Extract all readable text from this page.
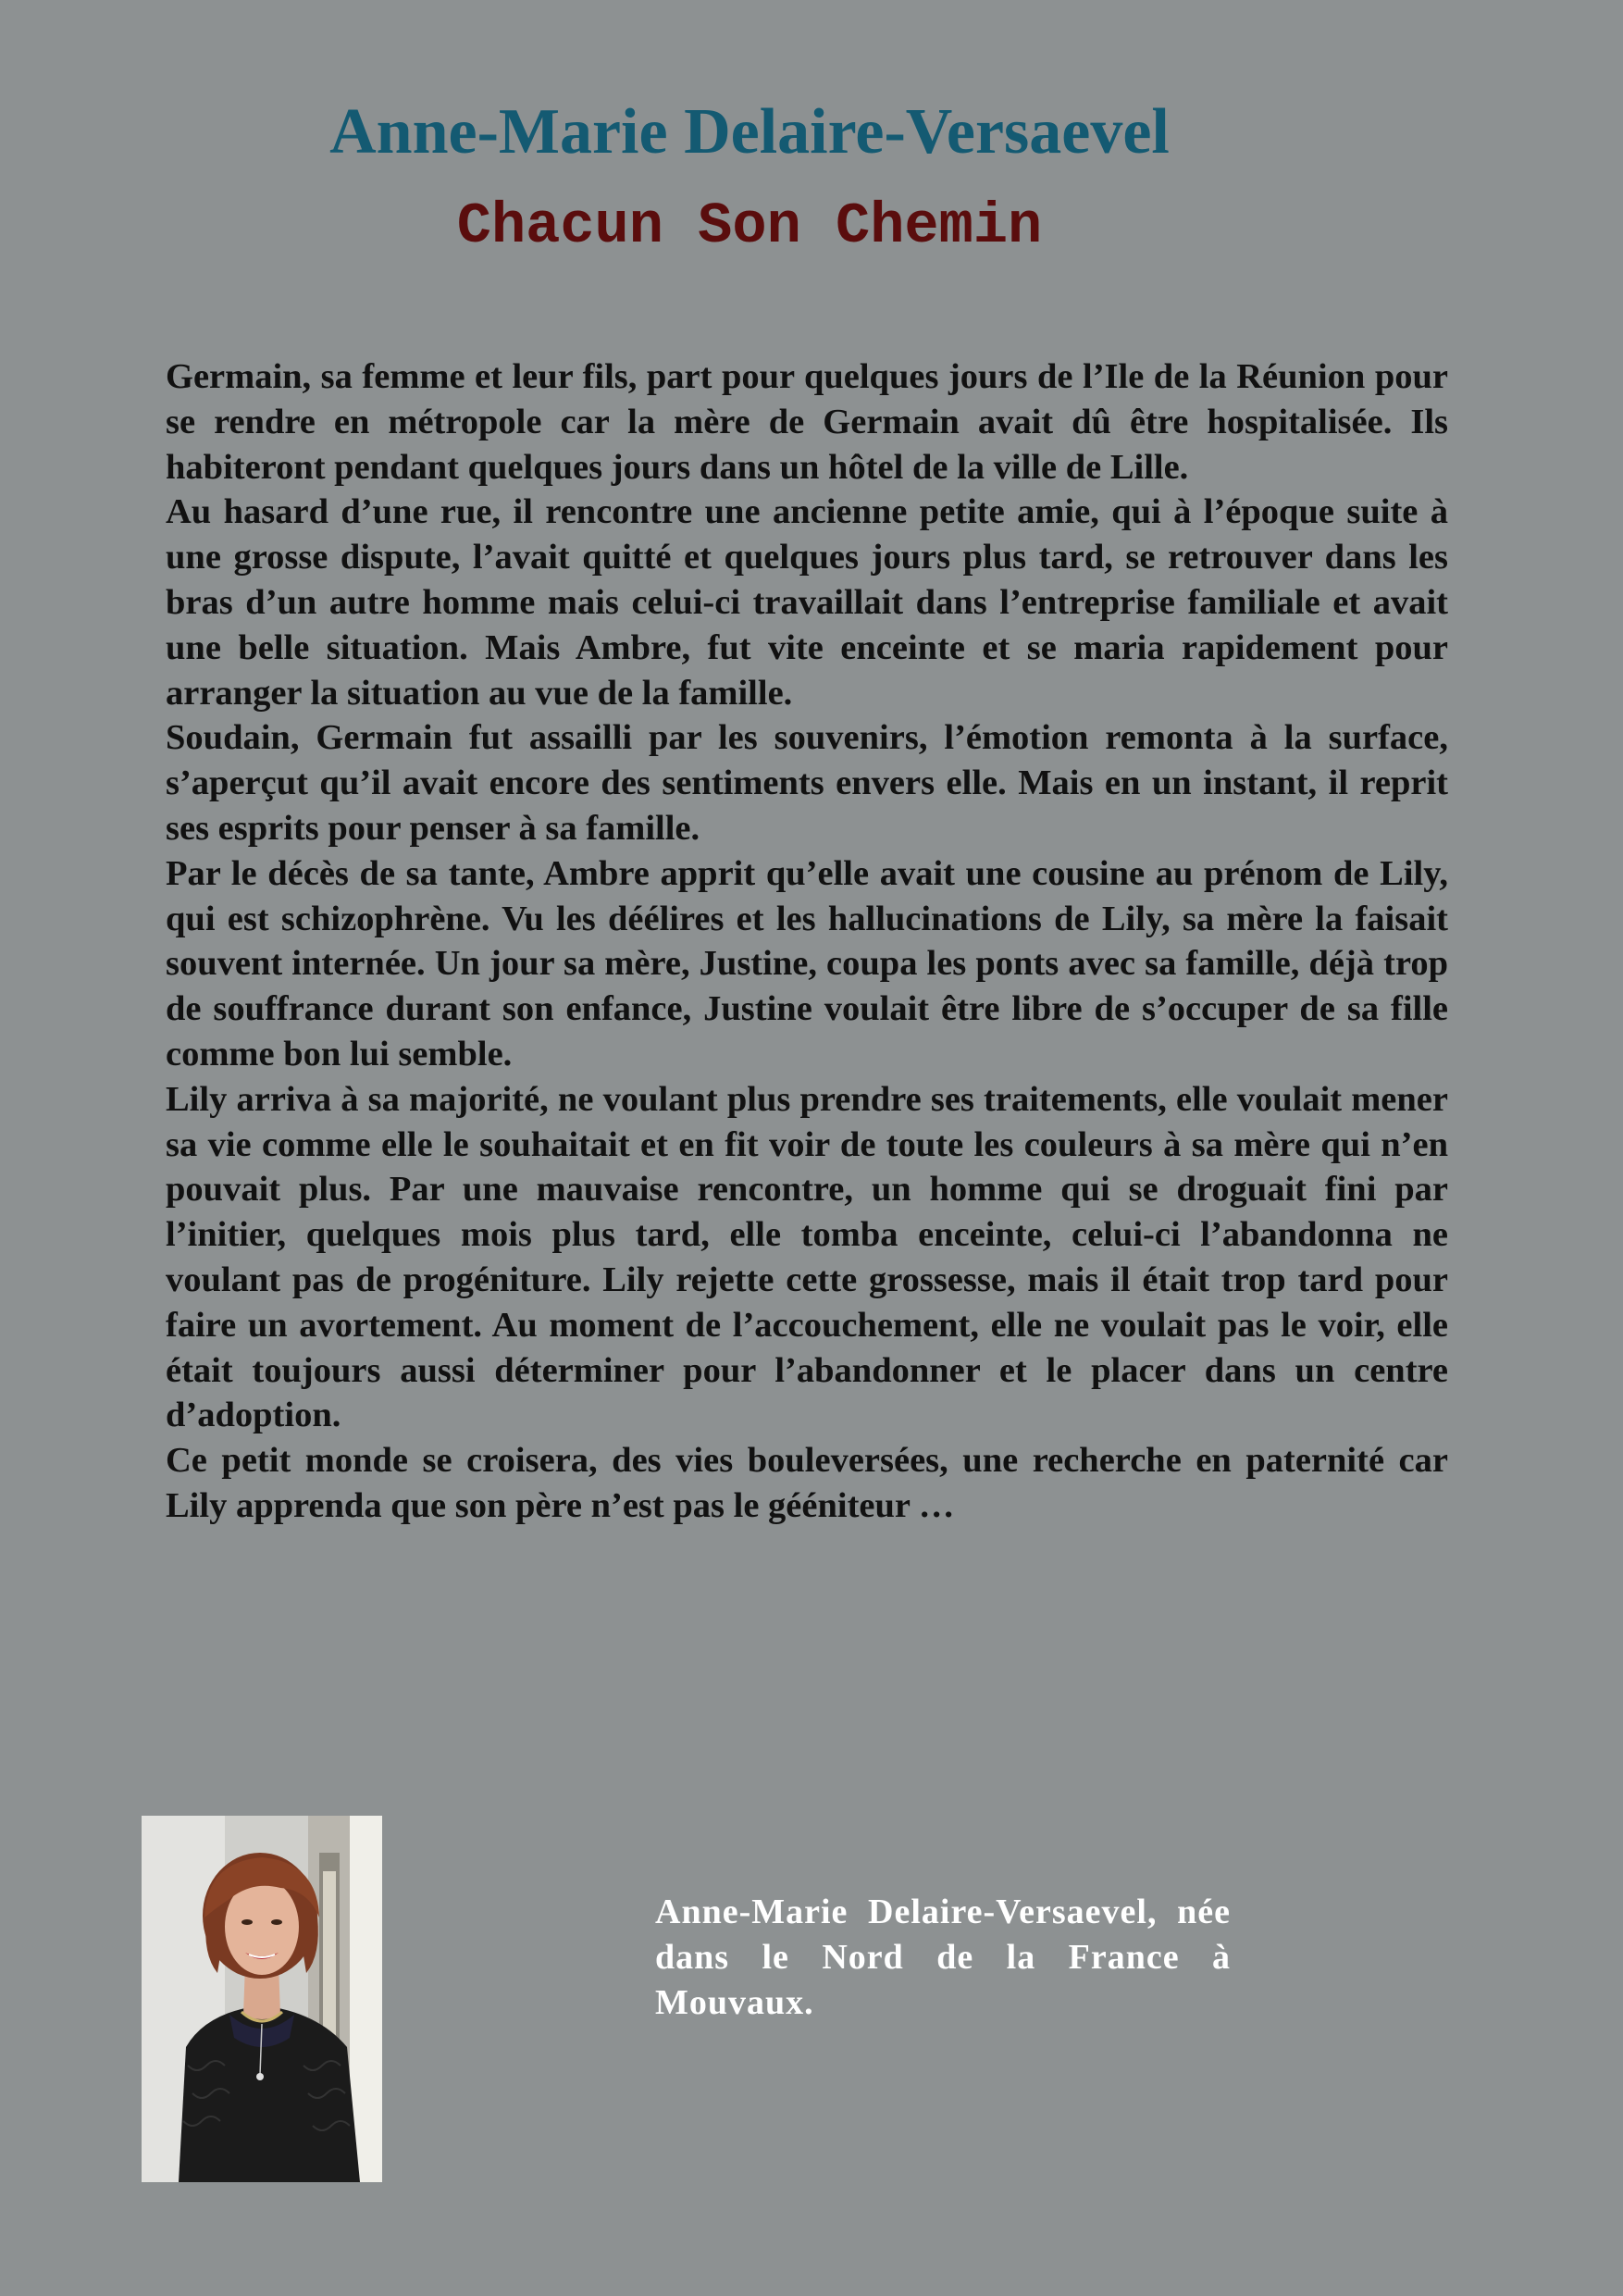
Anne-Marie Delaire-Versaevel
Chacun Son Chemin

Germain, sa femme et leur fils, part pour quelques jours de l’Ile de la Réunion pour se rendre en métropole car la mère de Germain avait dû être hospitalisée. Ils habiteront pendant quelques jours dans un hôtel de la ville de Lille.

Au hasard d’une rue, il rencontre une ancienne petite amie, qui à l’époque suite à une grosse dispute, l’avait quitté et quelques jours plus tard, se retrouver dans les bras d’un autre homme mais celui-ci travaillait dans l’entreprise familiale et avait une belle situation. Mais Ambre, fut vite enceinte et se maria rapidement pour arranger la situation au vue de la famille.

Soudain, Germain fut assailli par les souvenirs, l’émotion remonta à la surface, s’aperçut qu’il avait encore des sentiments envers elle. Mais en un instant, il reprit ses esprits pour penser à sa famille.

Par le décès de sa tante, Ambre apprit qu’elle avait une cousine au prénom de Lily, qui est schizophrène. Vu les déélires et les hallucinations de Lily, sa mère la faisait souvent internée. Un jour sa mère, Justine, coupa les ponts avec sa famille, déjà trop de souffrance durant son enfance, Justine voulait être libre de s’occuper de sa fille comme bon lui semble.

Lily arriva à sa majorité, ne voulant plus prendre ses traitements, elle voulait mener sa vie comme elle le souhaitait et en fit voir de toute les couleurs à sa mère qui n’en pouvait plus. Par une mauvaise rencontre, un homme qui se droguait fini par l’initier, quelques mois plus tard, elle tomba enceinte, celui-ci l’abandonna ne voulant pas de progéniture. Lily rejette cette grossesse, mais il était trop tard pour faire un avortement. Au moment de l’accouchement, elle ne voulait pas le voir, elle était toujours aussi déterminer pour l’abandonner et le placer dans un centre d’adoption.

Ce petit monde se croisera, des vies bouleversées, une recherche en paternité car Lily apprenda que son père n’est pas le gééniteur …

Anne-Marie Delaire-Versaevel, née dans le Nord de la France à Mouvaux.
